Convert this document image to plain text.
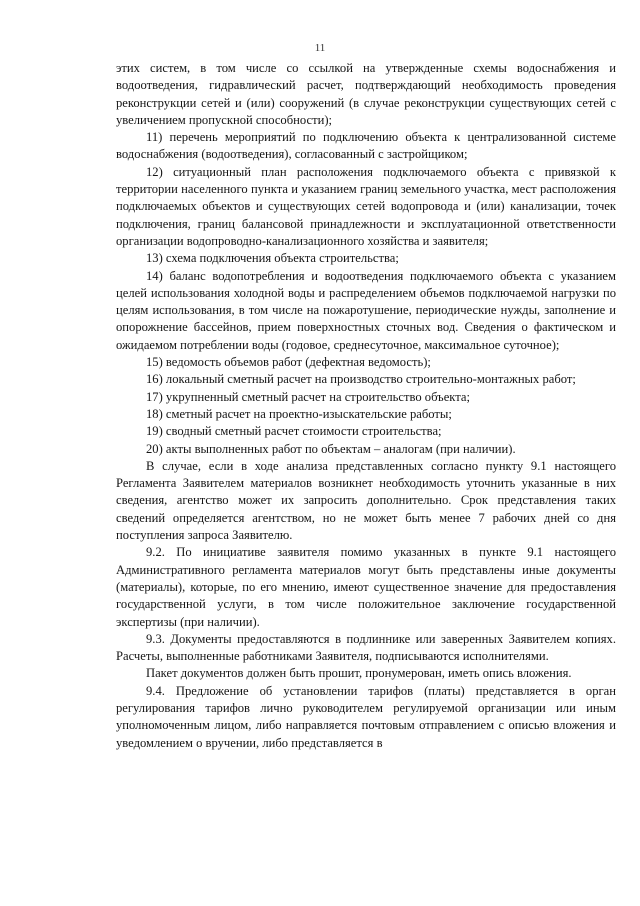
11

этих систем, в том числе со ссылкой на утвержденные схемы водоснабжения и водоотведения, гидравлический расчет, подтверждающий необходимость проведения реконструкции сетей и (или) сооружений (в случае реконструкции существующих сетей с увеличением пропускной способности);

11) перечень мероприятий по подключению объекта к централизованной системе водоснабжения (водоотведения), согласованный с застройщиком;

12) ситуационный план расположения подключаемого объекта с привязкой к территории населенного пункта и указанием границ земельного участка, мест расположения подключаемых объектов и существующих сетей водопровода и (или) канализации, точек подключения, границ балансовой принадлежности и эксплуатационной ответственности организации водопроводно-канализационного хозяйства и заявителя;

13) схема подключения объекта строительства;

14) баланс водопотребления и водоотведения подключаемого объекта с указанием целей использования холодной воды и распределением объемов подключаемой нагрузки по целям использования, в том числе на пожаротушение, периодические нужды, заполнение и опорожнение бассейнов, прием поверхностных сточных вод. Сведения о фактическом и ожидаемом потреблении воды (годовое, среднесуточное, максимальное суточное);

15) ведомость объемов работ (дефектная ведомость);

16) локальный сметный расчет на производство строительно-монтажных работ;

17) укрупненный сметный расчет на строительство объекта;

18) сметный расчет на проектно-изыскательские работы;

19) сводный сметный расчет стоимости строительства;

20) акты выполненных работ по объектам – аналогам (при наличии).

В случае, если в ходе анализа представленных согласно пункту 9.1 настоящего Регламента Заявителем материалов возникнет необходимость уточнить указанные в них сведения, агентство может их запросить дополнительно. Срок представления таких сведений определяется агентством, но не может быть менее 7 рабочих дней со дня поступления запроса Заявителю.

9.2. По инициативе заявителя помимо указанных в пункте 9.1 настоящего Административного регламента материалов могут быть представлены иные документы (материалы), которые, по его мнению, имеют существенное значение для предоставления государственной услуги, в том числе положительное заключение государственной экспертизы (при наличии).

9.3. Документы предоставляются в подлиннике или заверенных Заявителем копиях. Расчеты, выполненные работниками Заявителя, подписываются исполнителями.

Пакет документов должен быть прошит, пронумерован, иметь опись вложения.

9.4. Предложение об установлении тарифов (платы) представляется в орган регулирования тарифов лично руководителем регулируемой организации или иным уполномоченным лицом, либо направляется почтовым отправлением с описью вложения и уведомлением о вручении, либо представляется в
